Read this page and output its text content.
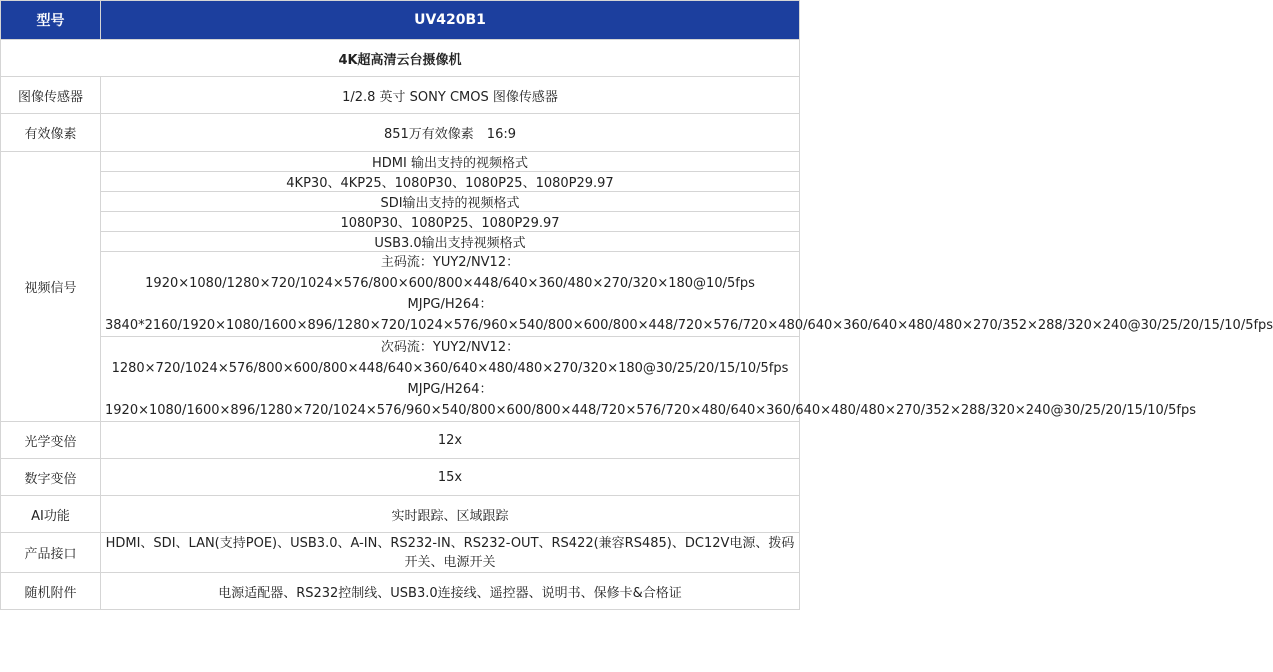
型号	UV420B1
4K超高清云台摄像机	
图像传感器	1/2.8 英寸 SONY CMOS 图像传感器
有效像素	851万有效像素　16:9
视频信号	HDMI 输出支持的视频格式
	4KP30、4KP25、1080P30、1080P25、1080P29.97
	SDI输出支持的视频格式
	1080P30、1080P25、1080P29.97
	USB3.0输出支持视频格式

	主码流：YUY2/NV12：1920×1080/1280×720/1024×576/800×600/800×448/640×360/480×270/320×180@10/5fps
MJPG/H264：3840*2160/1920×1080/1600×896/1280×720/1024×576/960×540/800×600/800×448/720×576/720×480/640×360/640×480/480×270/352×288/320×240@30/25/20/15/10/5fps

	次码流：YUY2/NV12：1280×720/1024×576/800×600/800×448/640×360/640×480/480×270/320×180@30/25/20/15/10/5fps
MJPG/H264：1920×1080/1600×896/1280×720/1024×576/960×540/800×600/800×448/720×576/720×480/640×360/640×480/480×270/352×288/320×240@30/25/20/15/10/5fps

光学变倍	12x
数字变倍	15x
AI功能	实时跟踪、区域跟踪
产品接口	HDMI、SDI、LAN(支持POE)、USB3.0、A-IN、RS232-IN、RS232-OUT、RS422(兼容RS485)、DC12V电源、拨码开关、电源开关
随机附件	电源适配器、RS232控制线、USB3.0连接线、遥控器、说明书、保修卡&合格证
